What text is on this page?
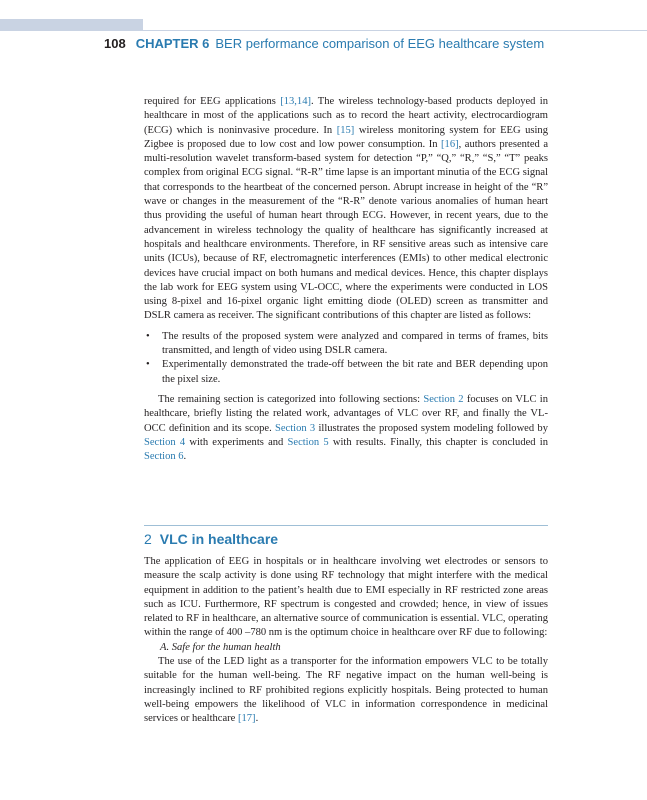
108 CHAPTER 6 BER performance comparison of EEG healthcare system

required for EEG applications [13,14]. The wireless technology-based products deployed in healthcare in most of the applications such as to record the heart activity, electrocardiogram (ECG) which is noninvasive procedure. In [15] wireless monitoring system for EEG using Zigbee is proposed due to low cost and low power consumption. In [16], authors presented a multi-resolution wavelet transform-based system for detection “P,” “Q,” “R,” “S,” “T” peaks complex from original ECG signal. “R-R” time lapse is an important minutia of the ECG signal that corresponds to the heartbeat of the concerned person. Abrupt increase in height of the “R” wave or changes in the measurement of the “R-R” denote various anomalies of human heart thus providing the useful of human heart through ECG. However, in recent years, due to the advancement in wireless technology the quality of healthcare has significantly increased at hospitals and healthcare environments. Therefore, in RF sensitive areas such as intensive care units (ICUs), because of RF, electromagnetic interferences (EMIs) to other medical electronic devices have crucial impact on both humans and medical devices. Hence, this chapter displays the lab work for EEG system using VL-OCC, where the experiments were conducted in LOS using 8-pixel and 16-pixel organic light emitting diode (OLED) screen as transmitter and DSLR camera as receiver. The significant contributions of this chapter are listed as follows:

• The results of the proposed system were analyzed and compared in terms of frames, bits transmitted, and length of video using DSLR camera.
• Experimentally demonstrated the trade-off between the bit rate and BER depending upon the pixel size.

The remaining section is categorized into following sections: Section 2 focuses on VLC in healthcare, briefly listing the related work, advantages of VLC over RF, and finally the VL-OCC definition and its scope. Section 3 illustrates the proposed system modeling followed by Section 4 with experiments and Section 5 with results. Finally, this chapter is concluded in Section 6.

2 VLC in healthcare

The application of EEG in hospitals or in healthcare involving wet electrodes or sensors to measure the scalp activity is done using RF technology that might interfere with the medical equipment in addition to the patient’s health due to EMI especially in RF restricted zone areas such as ICU. Furthermore, RF spectrum is congested and crowded; hence, in view of issues related to RF in healthcare, an alternative source of communication is essential. VLC, operating within the range of 400 –780 nm is the optimum choice in healthcare over RF due to following:

A. Safe for the human health

The use of the LED light as a transporter for the information empowers VLC to be totally suitable for the human well-being. The RF negative impact on the human well-being is increasingly inclined to RF prohibited regions explicitly hospitals. Being protected to human well-being empowers the likelihood of VLC in information correspondence in medicinal services or healthcare [17].
